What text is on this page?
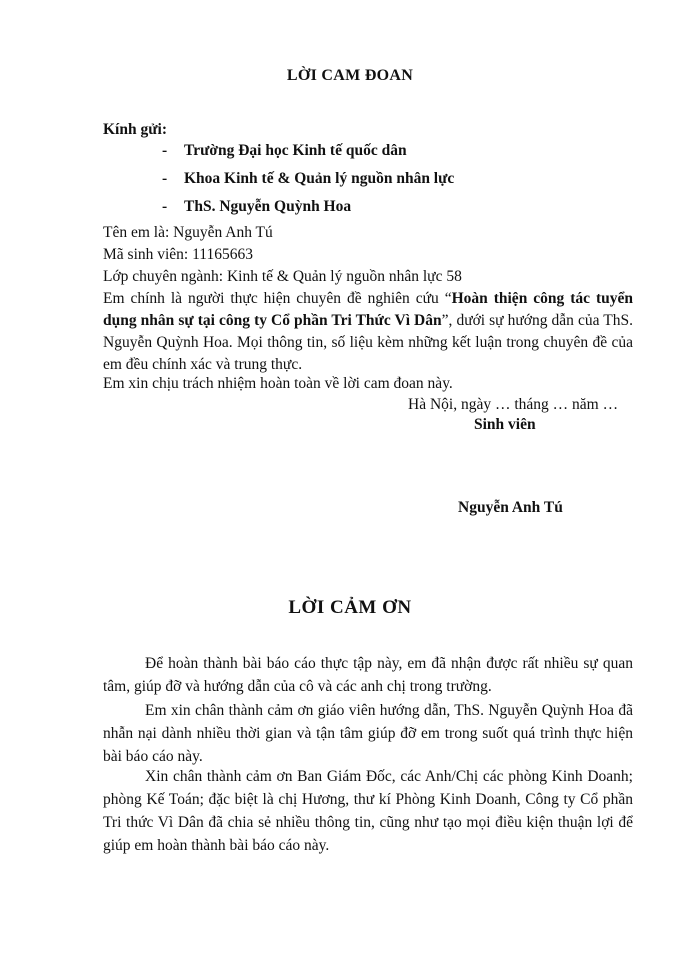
LỜI CAM ĐOAN
Kính gửi:
- Trường Đại học Kinh tế quốc dân
- Khoa Kinh tế & Quản lý nguồn nhân lực
- ThS. Nguyễn Quỳnh Hoa
Tên em là: Nguyễn Anh Tú
Mã sinh viên: 11165663
Lớp chuyên ngành: Kinh tế & Quản lý nguồn nhân lực 58
Em chính là người thực hiện chuyên đề nghiên cứu “Hoàn thiện công tác tuyển dụng nhân sự tại công ty Cổ phần Tri Thức Vì Dân”, dưới sự hướng dẫn của ThS. Nguyễn Quỳnh Hoa. Mọi thông tin, số liệu kèm những kết luận trong chuyên đề của em đều chính xác và trung thực.
Em xin chịu trách nhiệm hoàn toàn về lời cam đoan này.
Hà Nội, ngày … tháng … năm …
Sinh viên
Nguyễn Anh Tú
LỜI CẢM ƠN
Để hoàn thành bài báo cáo thực tập này, em đã nhận được rất nhiều sự quan tâm, giúp đỡ và hướng dẫn của cô và các anh chị trong trường.
Em xin chân thành cảm ơn giáo viên hướng dẫn, ThS. Nguyễn Quỳnh Hoa đã nhẫn nại dành nhiều thời gian và tận tâm giúp đỡ em trong suốt quá trình thực hiện bài báo cáo này.
Xin chân thành cảm ơn Ban Giám Đốc, các Anh/Chị các phòng Kinh Doanh; phòng Kế Toán; đặc biệt là chị Hương, thư kí Phòng Kinh Doanh, Công ty Cổ phần Tri thức Vì Dân đã chia sẻ nhiều thông tin, cũng như tạo mọi điều kiện thuận lợi để giúp em hoàn thành bài báo cáo này.
